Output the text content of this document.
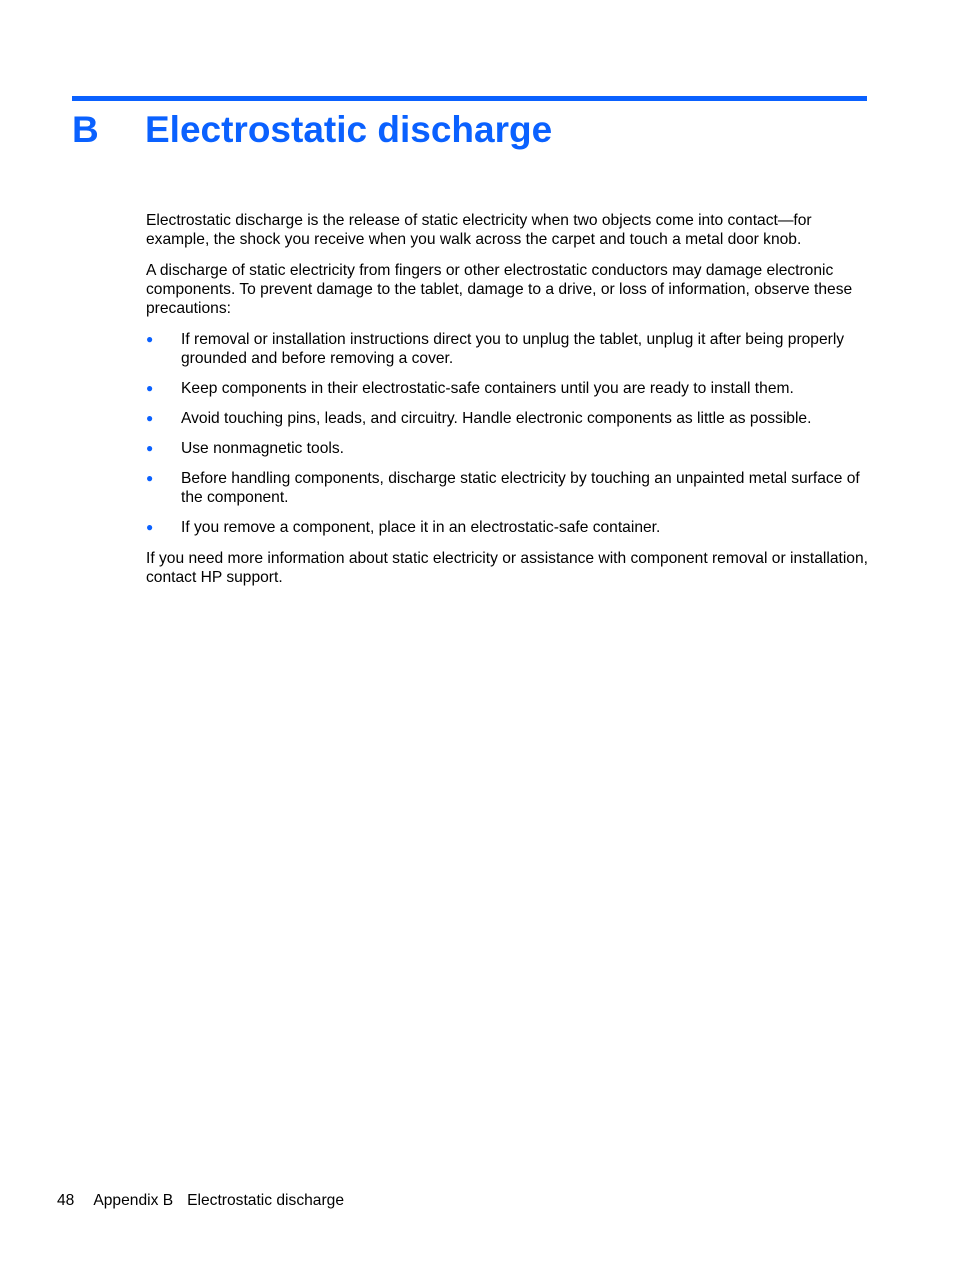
B Electrostatic discharge

Electrostatic discharge is the release of static electricity when two objects come into contact—for example, the shock you receive when you walk across the carpet and touch a metal door knob.

A discharge of static electricity from fingers or other electrostatic conductors may damage electronic components. To prevent damage to the tablet, damage to a drive, or loss of information, observe these precautions:

● If removal or installation instructions direct you to unplug the tablet, unplug it after being properly grounded and before removing a cover.
● Keep components in their electrostatic-safe containers until you are ready to install them.
● Avoid touching pins, leads, and circuitry. Handle electronic components as little as possible.
● Use nonmagnetic tools.
● Before handling components, discharge static electricity by touching an unpainted metal surface of the component.
● If you remove a component, place it in an electrostatic-safe container.

If you need more information about static electricity or assistance with component removal or installation, contact HP support.

48 Appendix B Electrostatic discharge
